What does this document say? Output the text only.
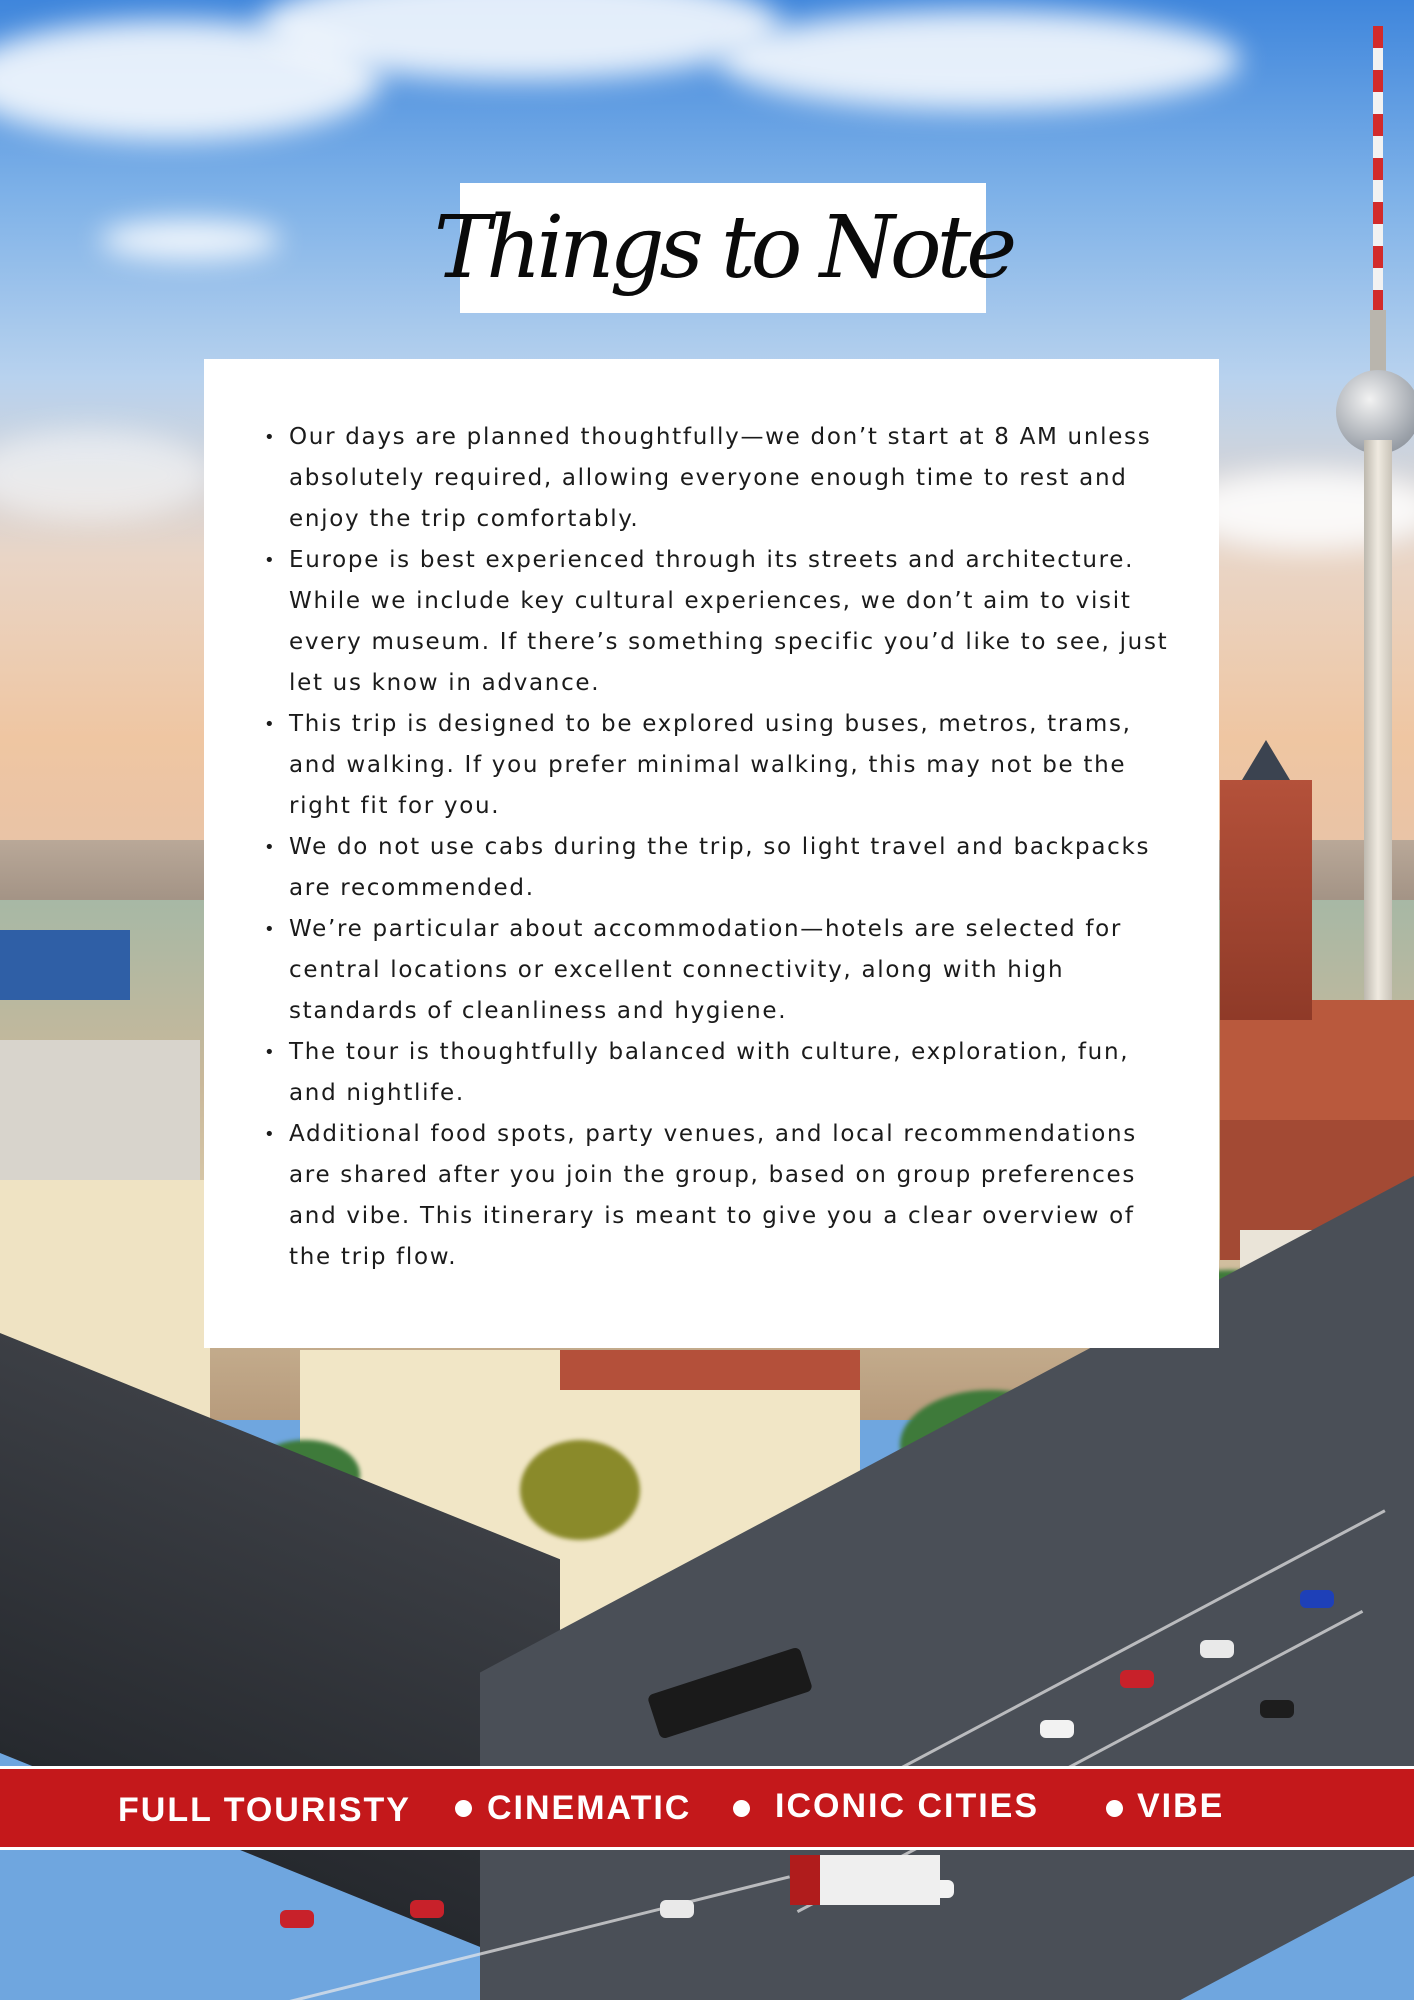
Things to Note
• Our days are planned thoughtfully—we don’t start at 8 AM unless absolutely required, allowing everyone enough time to rest and enjoy the trip comfortably.
• Europe is best experienced through its streets and architecture. While we include key cultural experiences, we don’t aim to visit every museum. If there’s something specific you’d like to see, just let us know in advance.
• This trip is designed to be explored using buses, metros, trams, and walking. If you prefer minimal walking, this may not be the right fit for you.
• We do not use cabs during the trip, so light travel and backpacks are recommended.
• We’re particular about accommodation—hotels are selected for central locations or excellent connectivity, along with high standards of cleanliness and hygiene.
• The tour is thoughtfully balanced with culture, exploration, fun, and nightlife.
• Additional food spots, party venues, and local recommendations are shared after you join the group, based on group preferences and vibe. This itinerary is meant to give you a clear overview of the trip flow.
FULL TOURISTY CINEMATIC ICONIC CITIES	VIBE
